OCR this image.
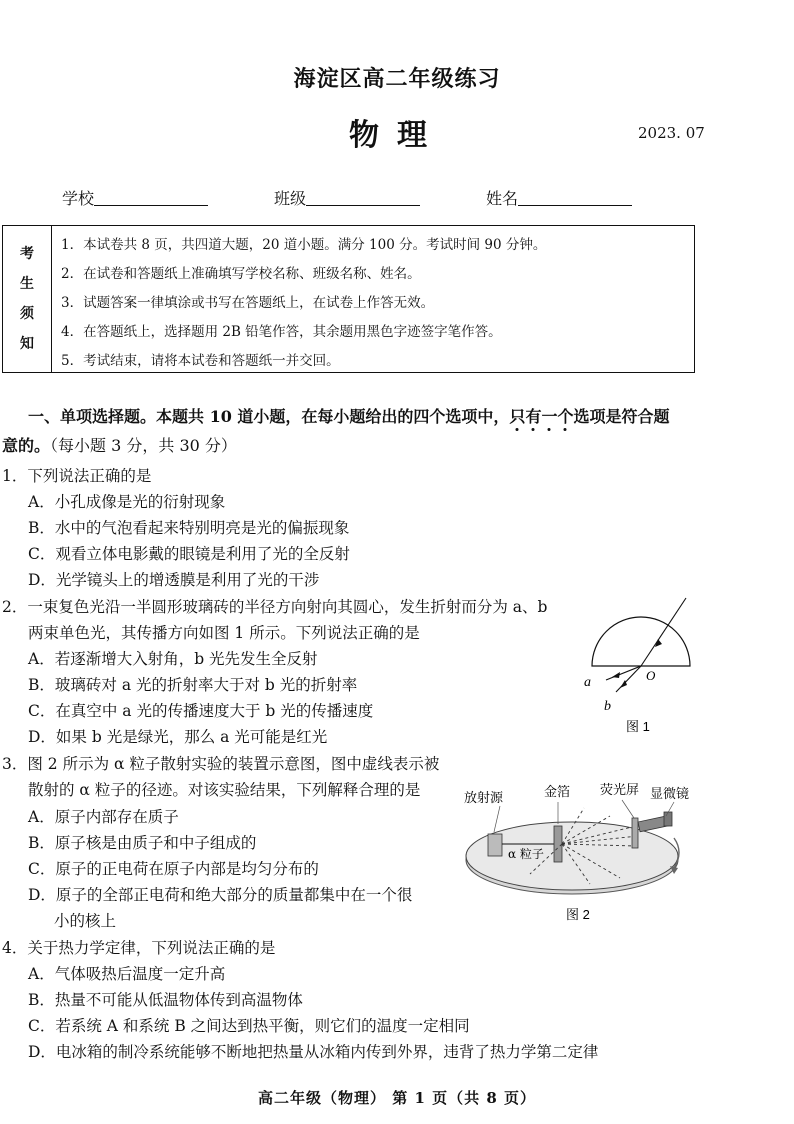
海淀区高二年级练习
物理	2023. 07
学校	班级	姓名
考
生
须
知
1．本试卷共 8 页，共四道大题，20 道小题。满分 100 分。考试时间 90 分钟。
2．在试卷和答题纸上准确填写学校名称、班级名称、姓名。
3．试题答案一律填涂或书写在答题纸上，在试卷上作答无效。
4．在答题纸上，选择题用 2B 铅笔作答，其余题用黑色字迹签字笔作答。
5．考试结束，请将本试卷和答题纸一并交回。
一、单项选择题。本题共 10 道小题，在每小题给出的四个选项中，只有一个选项是符合题
意的。（每小题 3 分，共 30 分）
1．下列说法正确的是
A．小孔成像是光的衍射现象
B．水中的气泡看起来特别明亮是光的偏振现象
C．观看立体电影戴的眼镜是利用了光的全反射
D．光学镜头上的增透膜是利用了光的干涉
2．一束复色光沿一半圆形玻璃砖的半径方向射向其圆心，发生折射而分为 a、b
两束单色光，其传播方向如图 1 所示。下列说法正确的是
A．若逐渐增大入射角，b 光先发生全反射
B．玻璃砖对 a 光的折射率大于对 b 光的折射率
C．在真空中 a 光的传播速度大于 b 光的传播速度
D．如果 b 光是绿光，那么 a 光可能是红光
a
b
O
图 1
3．图 2 所示为 α 粒子散射实验的装置示意图，图中虚线表示被
散射的 α 粒子的径迹。对该实验结果，下列解释合理的是
A．原子内部存在质子
B．原子核是由质子和中子组成的
C．原子的正电荷在原子内部是均匀分布的
D．原子的全部正电荷和绝大部分的质量都集中在一个很
小的核上
放射源	金箔 荧光屏 显微镜
α 粒子
图 2
4．关于热力学定律，下列说法正确的是
A．气体吸热后温度一定升高
B．热量不可能从低温物体传到高温物体
C．若系统 A 和系统 B 之间达到热平衡，则它们的温度一定相同
D．电冰箱的制冷系统能够不断地把热量从冰箱内传到外界，违背了热力学第二定律
高二年级（物理） 第 1 页（共 8 页）
